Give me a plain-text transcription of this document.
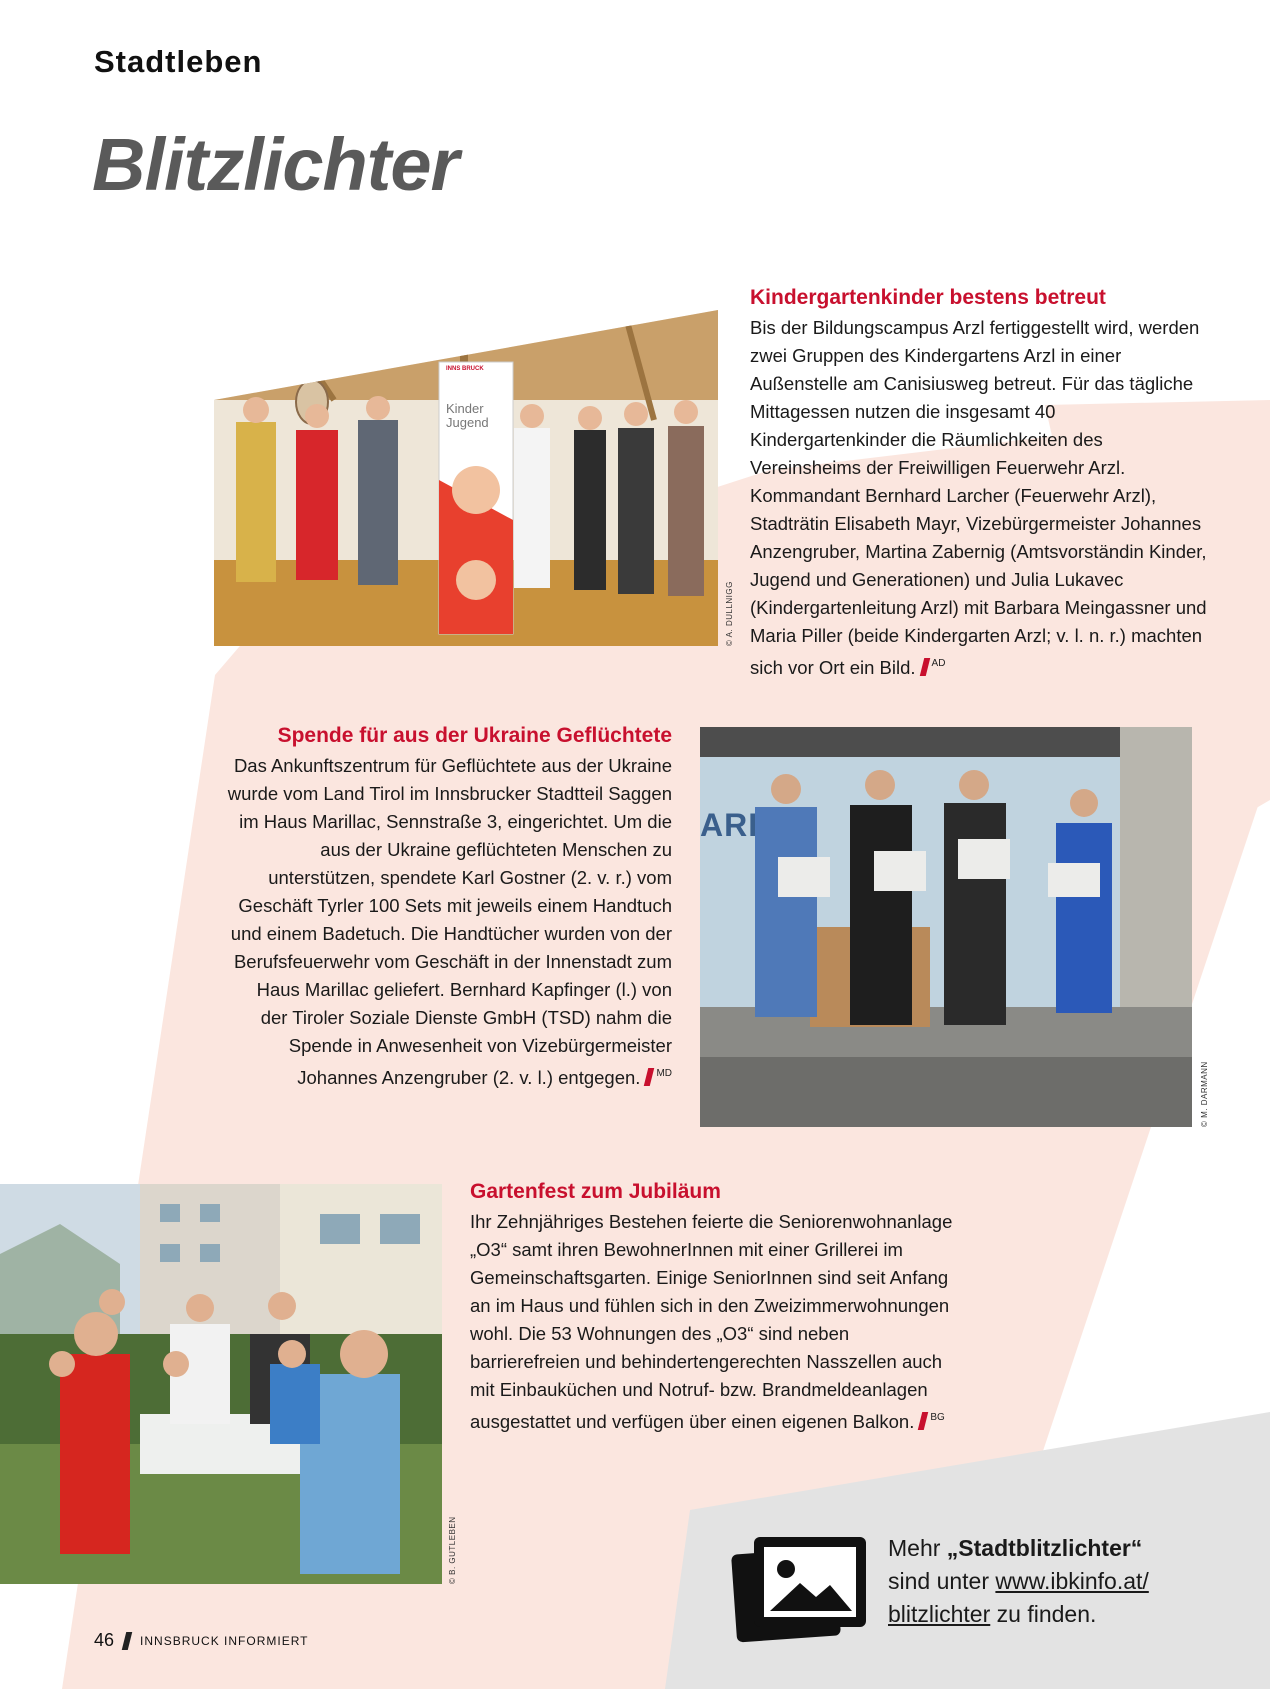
Stadtleben
Blitzlichter
INNS BRUCK
Kinder Jugend
© A. DULLNIGG
Kindergartenkinder bestens betreut

Bis der Bildungscampus Arzl fertiggestellt wird, werden zwei Gruppen des Kindergartens Arzl in einer Außenstelle am Canisiusweg betreut. Für das tägliche Mittagessen nutzen die insgesamt 40 Kindergartenkinder die Räumlichkeiten des Vereinsheims der Freiwilligen Feuerwehr Arzl. Kommandant Bernhard Larcher (Feuerwehr Arzl), Stadträtin Elisabeth Mayr, Vizebürgermeister Johannes Anzengruber, Martina Zabernig (Amtsvorständin Kinder, Jugend und Generationen) und Julia Lukavec (Kindergartenleitung Arzl) mit Barbara Meingassner und Maria Piller (beide Kindergarten Arzl; v. l. n. r.) machten sich vor Ort ein Bild. $^{AD}$

ARI
© M. DARMANN
Spende für aus der Ukraine Geflüchtete

Das Ankunftszentrum für Geflüchtete aus der Ukraine wurde vom Land Tirol im Innsbrucker Stadtteil Saggen im Haus Marillac, Sennstraße 3, eingerichtet. Um die aus der Ukraine geflüchteten Menschen zu unterstützen, spendete Karl Gostner (2. v. r.) vom Geschäft Tyrler 100 Sets mit jeweils einem Handtuch und einem Badetuch. Die Handtücher wurden von der Berufsfeuerwehr vom Geschäft in der Innenstadt zum Haus Marillac geliefert. Bernhard Kapfinger (l.) von der Tiroler Soziale Dienste GmbH (TSD) nahm die Spende in Anwesenheit von Vizebürgermeister Johannes Anzengruber (2. v. l.) entgegen. $^{MD}$

© B. GUTLEBEN
Gartenfest zum Jubiläum

Ihr Zehnjähriges Bestehen feierte die Seniorenwohnanlage „O3“ samt ihren BewohnerInnen mit einer Grillerei im Gemeinschaftsgarten. Einige SeniorInnen sind seit Anfang an im Haus und fühlen sich in den Zweizimmerwohnungen wohl. Die 53 Wohnungen des „O3“ sind neben barrierefreien und behindertengerechten Nasszellen auch mit Einbauküchen und Notruf- bzw. Brandmeldeanlagen ausgestattet und verfügen über einen eigenen Balkon. $^{BG}$

Mehr „Stadtblitzlichter“
sind unter www.ibkinfo.at/
blitzlichter zu finden.
46 INNSBRUCK INFORMIERT
